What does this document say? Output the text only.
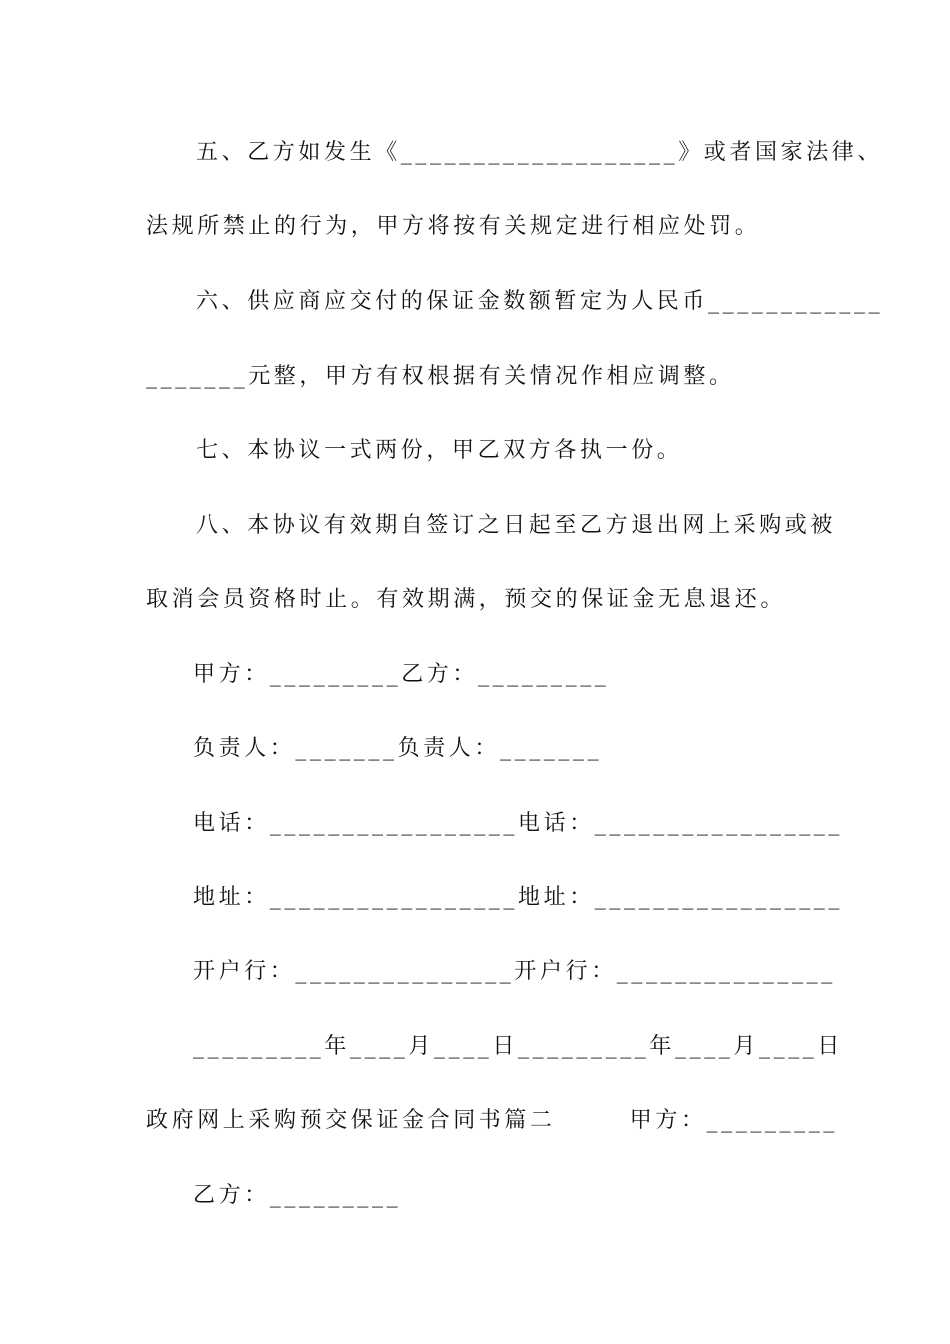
五、乙方如发生《___________________》或者国家法律、
法规所禁止的行为，甲方将按有关规定进行相应处罚。
六、供应商应交付的保证金数额暂定为人民币____________
_______元整，甲方有权根据有关情况作相应调整。
七、本协议一式两份，甲乙双方各执一份。
八、本协议有效期自签订之日起至乙方退出网上采购或被
取消会员资格时止。有效期满，预交的保证金无息退还。
甲方：_________乙方：_________
负责人：_______负责人：_______
电话：_________________电话：_________________
地址：_________________地址：_________________
开户行：_______________开户行：_______________
_________年____月____日_________年____月____日
政府网上采购预交保证金合同书篇二       甲方：_________
乙方：_________
